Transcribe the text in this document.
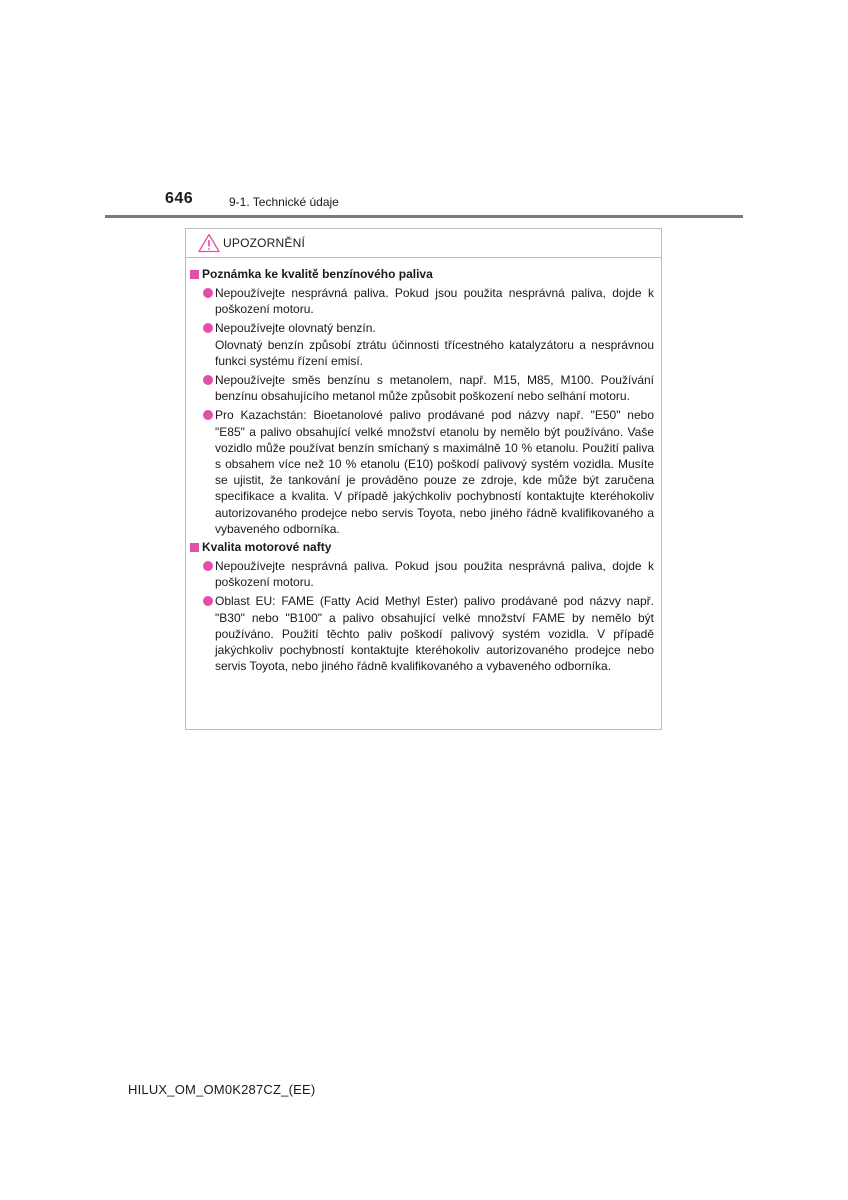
646	9-1. Technické údaje
UPOZORNĚNÍ
Poznámka ke kvalitě benzínového paliva

Nepoužívejte nesprávná paliva. Pokud jsou použita nesprávná paliva, dojde k poškození motoru.

Nepoužívejte olovnatý benzín.

Olovnatý benzín způsobí ztrátu účinnosti třícestného katalyzátoru a nesprávnou funkci systému řízení emisí.

Nepoužívejte směs benzínu s metanolem, např. M15, M85, M100. Používání benzínu obsahujícího metanol může způsobit poškození nebo selhání motoru.

Pro Kazachstán: Bioetanolové palivo prodávané pod názvy např. "E50" nebo "E85" a palivo obsahující velké množství etanolu by nemělo být používáno. Vaše vozidlo může používat benzín smíchaný s maximálně 10 % etanolu. Použití paliva s obsahem více než 10 % etanolu (E10) poškodí palivový systém vozidla. Musíte se ujistit, že tankování je prováděno pouze ze zdroje, kde může být zaručena specifikace a kvalita. V případě jakýchkoliv pochybností kontaktujte kteréhokoliv autorizovaného prodejce nebo servis Toyota, nebo jiného řádně kvalifikovaného a vybaveného odborníka.

Kvalita motorové nafty

Nepoužívejte nesprávná paliva. Pokud jsou použita nesprávná paliva, dojde k poškození motoru.

Oblast EU: FAME (Fatty Acid Methyl Ester) palivo prodávané pod názvy např. "B30" nebo "B100" a palivo obsahující velké množství FAME by nemělo být používáno. Použití těchto paliv poškodí palivový systém vozidla. V případě jakýchkoliv pochybností kontaktujte kteréhokoliv autorizovaného prodejce nebo servis Toyota, nebo jiného řádně kvalifikovaného a vybaveného odborníka.

HILUX_OM_OM0K287CZ_(EE)
